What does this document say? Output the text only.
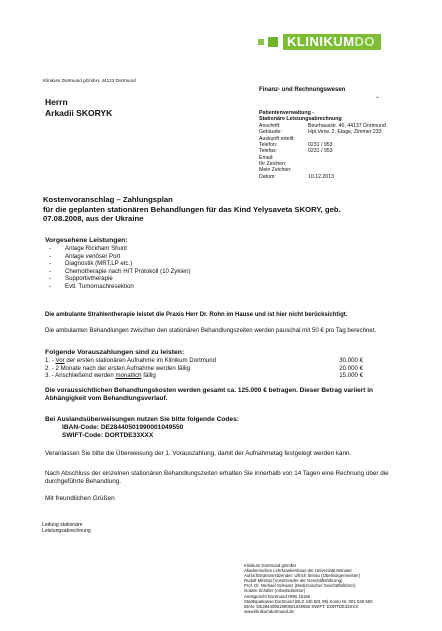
KLINIKUMDO
Klinikum Dortmund gGmbH, 44123 Dortmund
Herrn
Arkadii SKORYK
⌃
Finanz- und Rechnungswesen
Patientenverwaltung -
Stationäre Leistungsabrechnung
Anschrift:	Beurhausstr. 40, 44137 Dortmund
Gebäude:	Hpt.Verw. 2. Etage, Zimmer 233
Auskunft erteilt:
Telefon:	0231 / 953
Telefax:	0231 / 953
Email:
Ihr Zeichen:
Mein Zeichen:
Datum:	10.12.2013
Kostenvoranschlag – Zahlungsplan
für die geplanten stationären Behandlungen für das Kind Yelysaveta SKORY, geb.
07.08.2008, aus der Ukraine
Vorgesehene Leistungen:
-	Anlage Rickham Shunt
-	Anlage venöser Port
-	Diagnostik (MRT,LP etc.)
-	Chemotherapie nach HIT Protokoll (10 Zyklen)
-	Supportivtherapie
-	Evtl. Tumornachresektion
Die ambulante Strahlentherapie leistet die Praxis Herr Dr. Rohn im Hause und ist hier nicht berücksichtigt.
Die ambulanten Behandlungen zwischen den stationären Behandlungszeiten werden pauschal mit 50 € pro Tag berechnet.
Folgende Vorauszahlungen sind zu leisten:
1. - Vor der ersten stationären Aufnahme im Klinikum Dortmund	30.000 €
2. - 2 Monate nach der ersten Aufnahme werden fällig	20.000 €
3. - Anschließend werden monatlich fällig	15.000 €
Die voraussichtlichen Behandlungskosten werden gesamt ca. 125.000 € betragen. Dieser Betrag variiert in Abhängigkeit vom Behandlungsverlauf.
Bei Auslandsüberweisungen nutzen Sie bitte folgende Codes:
IBAN-Code: DE28440501990001049550
SWIFT-Code: DORTDE33XXX
Veranlassen Sie bitte die Überweisung der 1. Vorauszahlung, damit der Aufnahmetag festgelegt werden kann.
Nach Abschluss der einzelnen stationären Behandlungszeiten erhalten Sie innerhalb von 14 Tagen eine Rechnung über die durchgeführte Behandlung.
Mit freundlichen Grüßen
Leitung stationäre
Leistungsabrechnung
Klinikum Dortmund gGmbH
Akademisches Lehrkrankenhaus der Universität Münster
Aufsichtsratsvorsitzender: Ullrich Sierau (Oberbürgermeister)
Rudolf Mintrop (Vorsitzender der Geschäftsführung)
Prof. Dr. Michael Schwarz (Medizinischer Geschäftsführer)
Gotwin Schäfer (Arbeitsdirektor)
Amtsgericht Dortmund HRB 15156
Stadtsparkasse Dortmund (BLZ 440 501 99) Konto Nr. 001 049 550
IBAN: DE28440501990001049550 SWIFT: DORTDE33XXX
www.klinikumdortmund.de
